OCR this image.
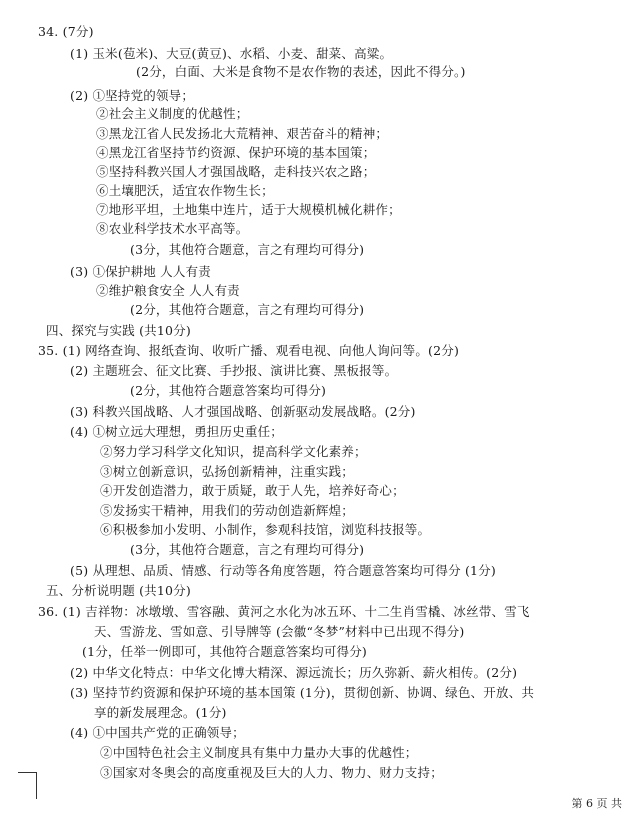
34. (7分)
(1) 玉米(苞米)、大豆(黄豆)、水稻、小麦、甜菜、高粱。
(2分，白面、大米是食物不是农作物的表述，因此不得分。)
(2) ①坚持党的领导；
②社会主义制度的优越性；
③黑龙江省人民发扬北大荒精神、艰苦奋斗的精神；
④黑龙江省坚持节约资源、保护环境的基本国策；
⑤坚持科教兴国人才强国战略，走科技兴农之路；
⑥土壤肥沃，适宜农作物生长；
⑦地形平坦，土地集中连片，适于大规模机械化耕作；
⑧农业科学技术水平高等。
(3分，其他符合题意，言之有理均可得分)
(3) ①保护耕地 人人有责
②维护粮食安全 人人有责
(2分，其他符合题意，言之有理均可得分)
四、探究与实践 (共10分)
35. (1) 网络查询、报纸查询、收听广播、观看电视、向他人询问等。(2分)
(2) 主题班会、征文比赛、手抄报、演讲比赛、黑板报等。
(2分，其他符合题意答案均可得分)
(3) 科教兴国战略、人才强国战略、创新驱动发展战略。(2分)
(4) ①树立远大理想，勇担历史重任；
②努力学习科学文化知识，提高科学文化素养；
③树立创新意识，弘扬创新精神，注重实践；
④开发创造潜力，敢于质疑，敢于人先，培养好奇心；
⑤发扬实干精神，用我们的劳动创造新辉煌；
⑥积极参加小发明、小制作，参观科技馆，浏览科技报等。
(3分，其他符合题意，言之有理均可得分)
(5) 从理想、品质、情感、行动等各角度答题，符合题意答案均可得分 (1分)
五、分析说明题 (共10分)
36. (1) 吉祥物：冰墩墩、雪容融、黄河之水化为冰五环、十二生肖雪橇、冰丝带、雪飞
天、雪游龙、雪如意、引导牌等 (会徽“冬梦”材料中已出现不得分)
(1分，任举一例即可，其他符合题意答案均可得分)
(2) 中华文化特点：中华文化博大精深、源远流长；历久弥新、薪火相传。(2分)
(3) 坚持节约资源和保护环境的基本国策 (1分)，贯彻创新、协调、绿色、开放、共
享的新发展理念。(1分)
(4) ①中国共产党的正确领导；
②中国特色社会主义制度具有集中力量办大事的优越性；
③国家对冬奥会的高度重视及巨大的人力、物力、财力支持；
第 6 页 共
